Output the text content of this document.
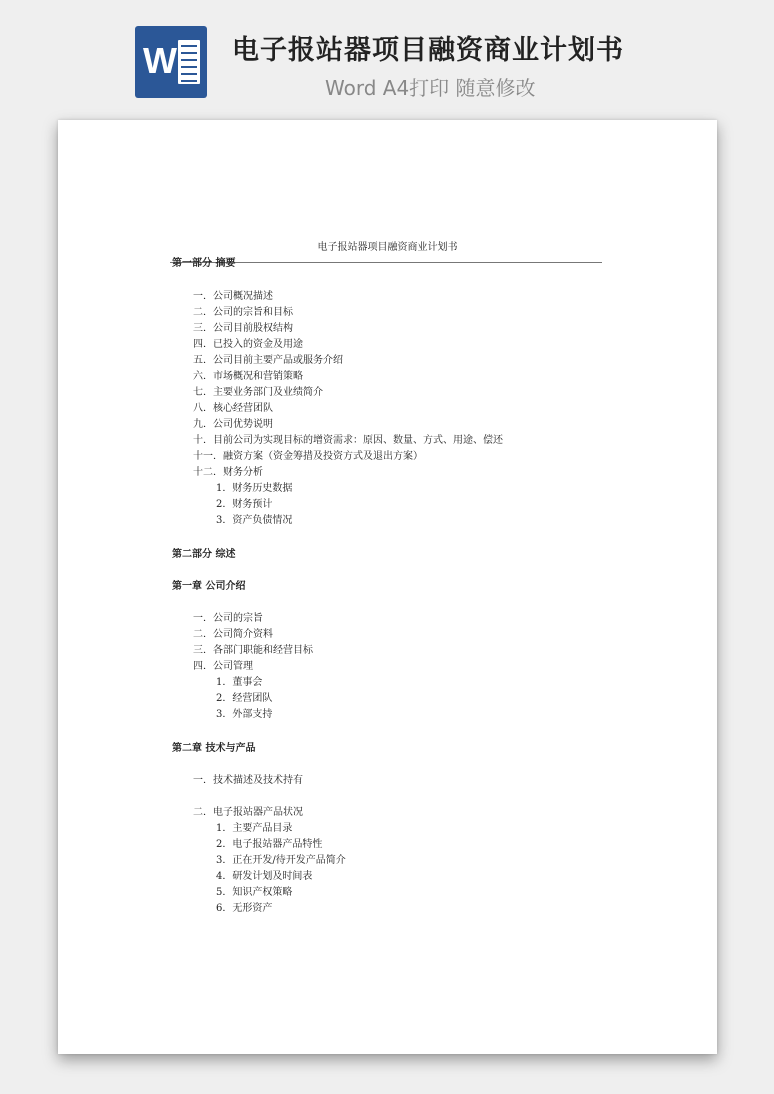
W 电子报站器项目融资商业计划书
Word A4打印 随意修改
电子报站器项目融资商业计划书
第一部分 摘要
一．公司概况描述
二．公司的宗旨和目标
三．公司目前股权结构
四．已投入的资金及用途
五．公司目前主要产品或服务介绍
六．市场概况和营销策略
七．主要业务部门及业绩简介
八．核心经营团队
九．公司优势说明
十．目前公司为实现目标的增资需求：原因、数量、方式、用途、偿还
十一．融资方案（资金筹措及投资方式及退出方案）
十二．财务分析
1．财务历史数据
2．财务预计
3．资产负债情况
第二部分 综述
第一章 公司介绍
一．公司的宗旨
二．公司简介资料
三．各部门职能和经营目标
四．公司管理
1．董事会
2．经营团队
3．外部支持
第二章 技术与产品
一．技术描述及技术持有
二．电子报站器产品状况
1．主要产品目录
2．电子报站器产品特性
3．正在开发/待开发产品简介
4．研发计划及时间表
5．知识产权策略
6．无形资产
